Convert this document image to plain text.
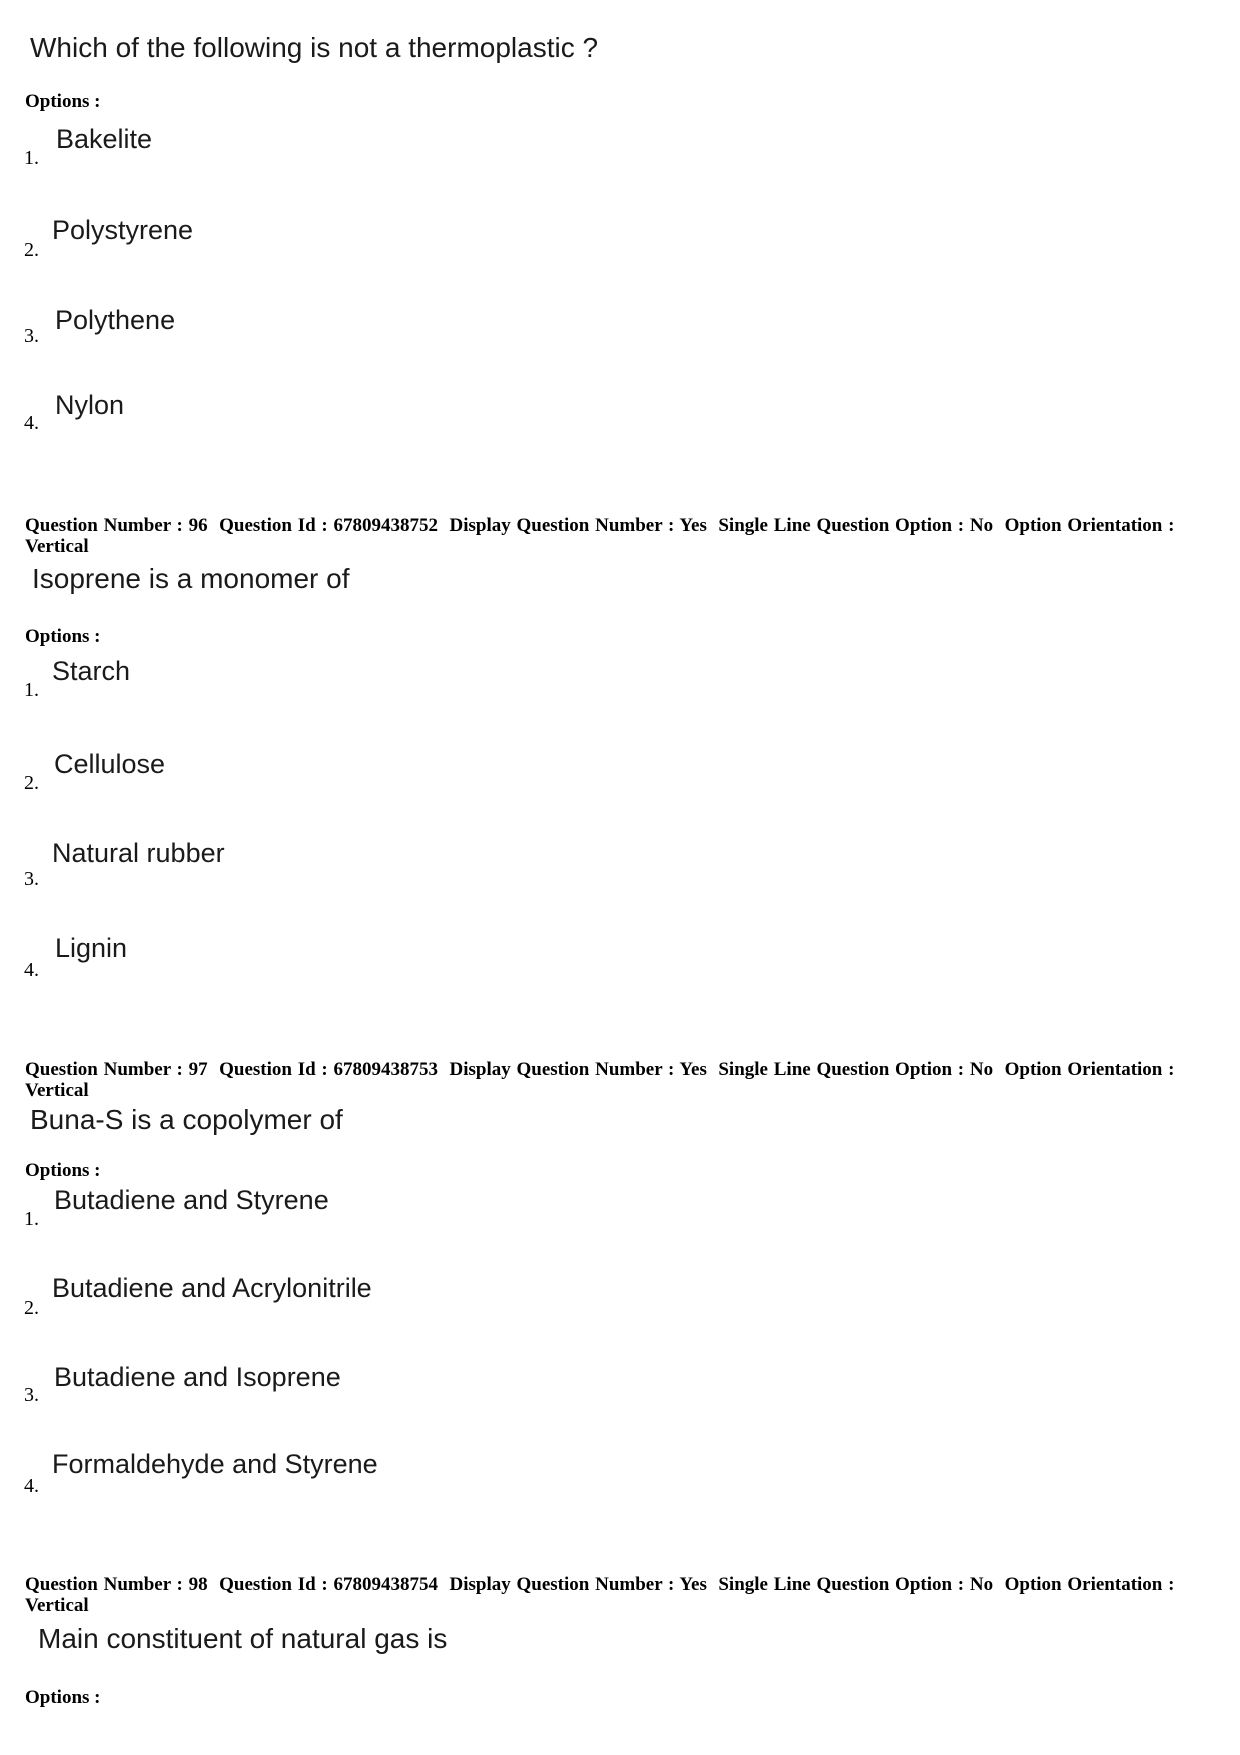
Which of the following is not a thermoplastic ?
Options :
Bakelite
1.
Polystyrene
2.
Polythene
3.
Nylon
4.
Question Number : 96  Question Id : 67809438752  Display Question Number : Yes  Single Line Question Option : No  Option Orientation : Vertical
Isoprene is a monomer of
Options :
Starch
1.
Cellulose
2.
Natural rubber
3.
Lignin
4.
Question Number : 97  Question Id : 67809438753  Display Question Number : Yes  Single Line Question Option : No  Option Orientation : Vertical
Buna-S is a copolymer of
Options :
Butadiene and Styrene
1.
Butadiene and Acrylonitrile
2.
Butadiene and Isoprene
3.
Formaldehyde and Styrene
4.
Question Number : 98  Question Id : 67809438754  Display Question Number : Yes  Single Line Question Option : No  Option Orientation : Vertical
Main constituent of natural gas is
Options :
